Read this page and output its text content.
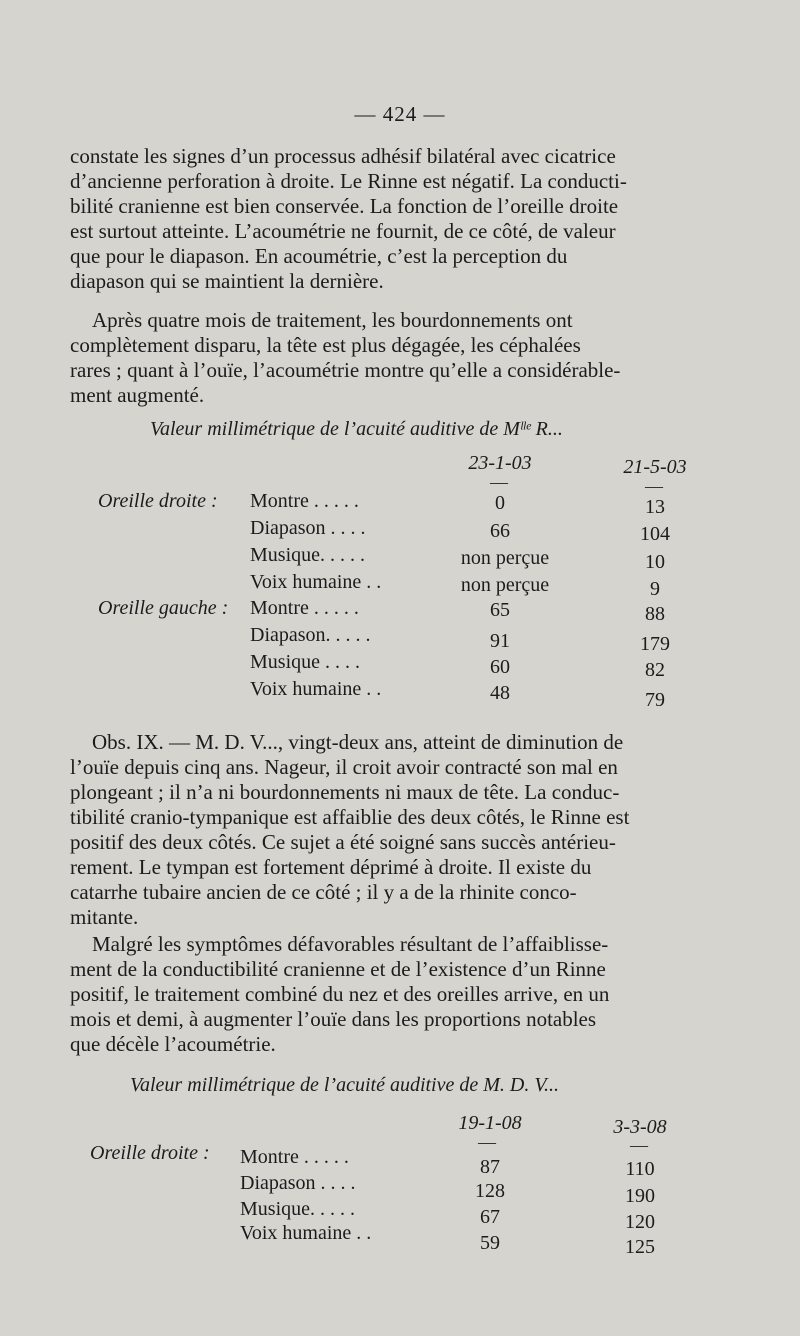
— 424 —
constate les signes d’un processus adhésif bilatéral avec cicatrice
d’ancienne perforation à droite. Le Rinne est négatif. La conducti-
bilité cranienne est bien conservée. La fonction de l’oreille droite
est surtout atteinte. L’acoumétrie ne fournit, de ce côté, de valeur
que pour le diapason. En acoumétrie, c’est la perception du
diapason qui se maintient la dernière.
Après quatre mois de traitement, les bourdonnements ont
complètement disparu, la tête est plus dégagée, les céphalées
rares ; quant à l’ouïe, l’acoumétrie montre qu’elle a considérable-
ment augmenté.
Valeur millimétrique de l’acuité auditive de Mˡˡᵉ R...
23-1-03	21-5-03
—	—
Oreille droite : Montre . . . . .	0	13
Diapason . . . .	66	104
Musique. . . . .	non perçue	10
Voix humaine . .	non perçue	9
Oreille gauche : Montre . . . . .	65	88
Diapason. . . . .	91	179
Musique . . . .	60	82
Voix humaine . .	48	79
Obs. IX. — M. D. V..., vingt-deux ans, atteint de diminution de
l’ouïe depuis cinq ans. Nageur, il croit avoir contracté son mal en
plongeant ; il n’a ni bourdonnements ni maux de tête. La conduc-
tibilité cranio-tympanique est affaiblie des deux côtés, le Rinne est
positif des deux côtés. Ce sujet a été soigné sans succès antérieu-
rement. Le tympan est fortement déprimé à droite. Il existe du
catarrhe tubaire ancien de ce côté ; il y a de la rhinite conco-
mitante.
Malgré les symptômes défavorables résultant de l’affaiblisse-
ment de la conductibilité cranienne et de l’existence d’un Rinne
positif, le traitement combiné du nez et des oreilles arrive, en un
mois et demi, à augmenter l’ouïe dans les proportions notables
que décèle l’acoumétrie.
Valeur millimétrique de l’acuité auditive de M. D. V...
19-1-08	3-3-08
—	—
Oreille droite : Montre . . . . .	87	110
Diapason . . . .	128	190
Musique. . . . .	67	120
Voix humaine . .	59	125
